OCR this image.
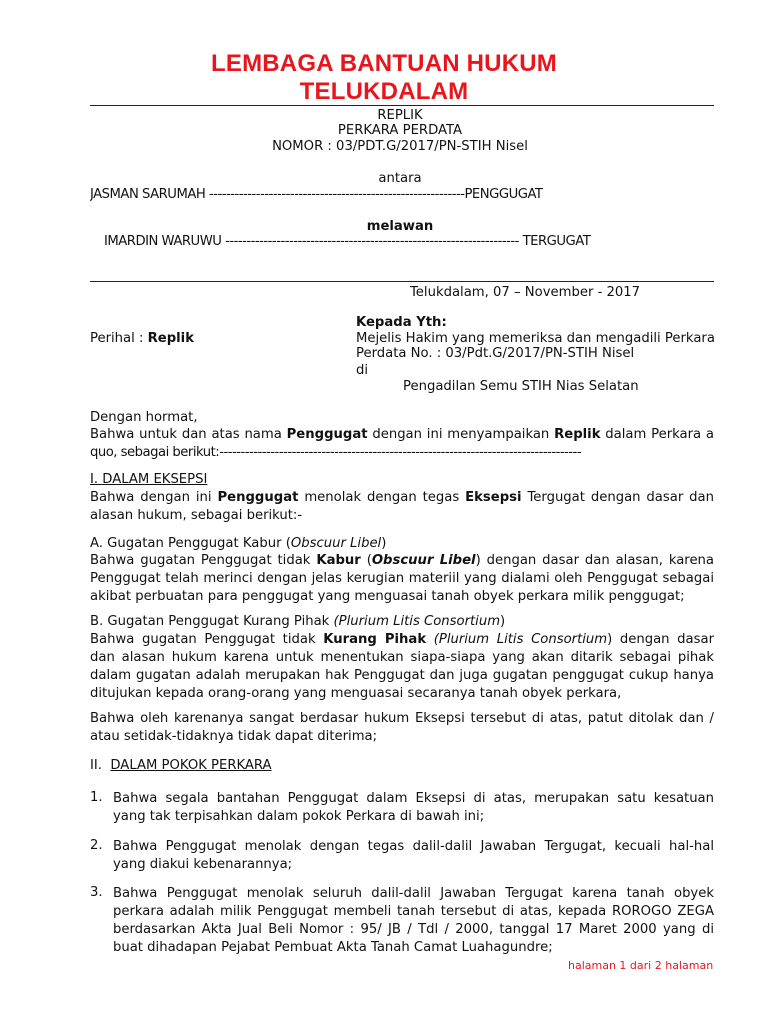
LEMBAGA BANTUAN HUKUM
TELUKDALAM
REPLIK
PERKARA PERDATA
NOMOR : 03/PDT.G/2017/PN-STIH Nisel
antara
JASMAN SARUMAH ------------------------------------------------------------PENGGUGAT
melawan
IMARDIN WARUWU --------------------------------------------------------------------- TERGUGAT
Telukdalam, 07 – November - 2017
Kepada Yth:
Perihal : Replik	Mejelis Hakim yang memeriksa dan mengadili Perkara
Perdata No. : 03/Pdt.G/2017/PN-STIH Nisel
di
Pengadilan Semu STIH Nias Selatan
Dengan hormat,
Bahwa untuk dan atas nama Penggugat dengan ini menyampaikan Replik dalam Perkara a
quo, sebagai berikut:-------------------------------------------------------------------------------------
I. DALAM EKSEPSI
Bahwa dengan ini Penggugat menolak dengan tegas Eksepsi Tergugat dengan dasar dan
alasan hukum, sebagai berikut:-
A. Gugatan Penggugat Kabur (Obscuur Libel)
Bahwa gugatan Penggugat tidak Kabur (Obscuur Libel) dengan dasar dan alasan, karena
Penggugat telah merinci dengan jelas kerugian materiil yang dialami oleh Penggugat sebagai
akibat perbuatan para penggugat yang menguasai tanah obyek perkara milik penggugat;
B. Gugatan Penggugat Kurang Pihak (Plurium Litis Consortium)
Bahwa gugatan Penggugat tidak Kurang Pihak (Plurium Litis Consortium) dengan dasar
dan alasan hukum karena untuk menentukan siapa-siapa yang akan ditarik sebagai pihak
dalam gugatan adalah merupakan hak Penggugat dan juga gugatan penggugat cukup hanya
ditujukan kepada orang-orang yang menguasai secaranya tanah obyek perkara,
Bahwa oleh karenanya sangat berdasar hukum Eksepsi tersebut di atas, patut ditolak dan /
atau setidak-tidaknya tidak dapat diterima;
II. DALAM POKOK PERKARA
1. Bahwa segala bantahan Penggugat dalam Eksepsi di atas, merupakan satu kesatuan
yang tak terpisahkan dalam pokok Perkara di bawah ini;
2. Bahwa Penggugat menolak dengan tegas dalil-dalil Jawaban Tergugat, kecuali hal-hal
yang diakui kebenarannya;
3. Bahwa Penggugat menolak seluruh dalil-dalil Jawaban Tergugat karena tanah obyek
perkara adalah milik Penggugat membeli tanah tersebut di atas, kepada ROROGO ZEGA
berdasarkan Akta Jual Beli Nomor : 95/ JB / Tdl / 2000, tanggal 17 Maret 2000 yang di
buat dihadapan Pejabat Pembuat Akta Tanah Camat Luahagundre;
halaman 1 dari 2 halaman
